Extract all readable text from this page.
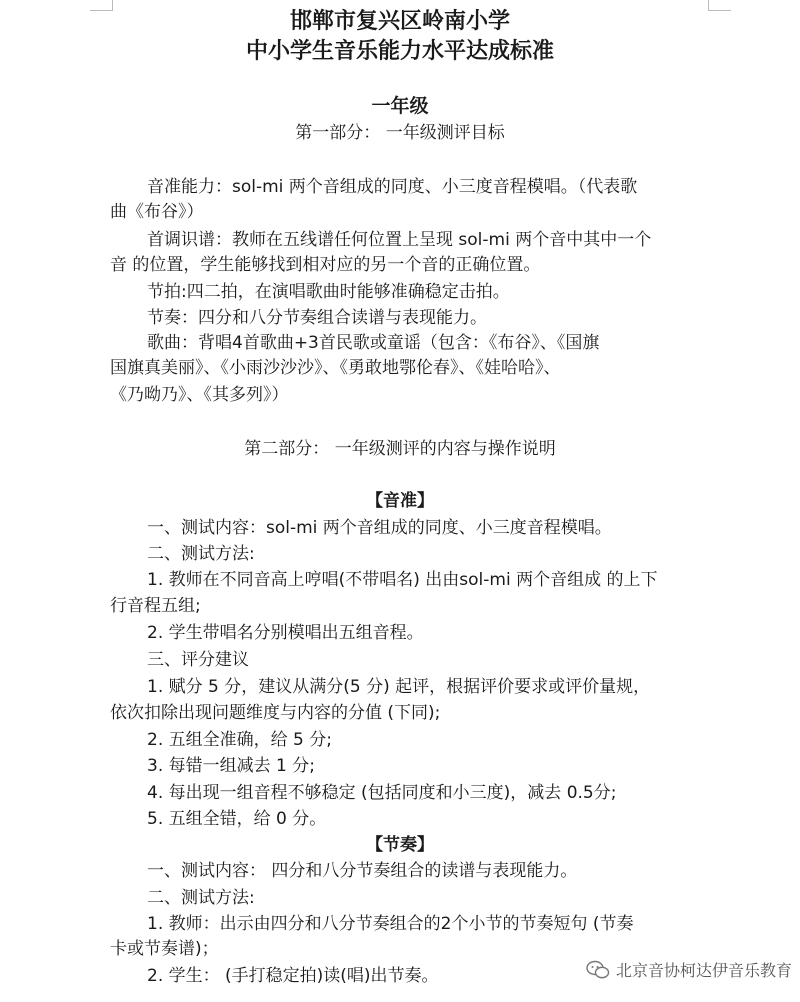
邯郸市复兴区岭南小学
中小学生音乐能力水平达成标准
一年级
第一部分： 一年级测评目标
音准能力：sol-mi 两个音组成的同度、小三度音程模唱。（代表歌
曲《布谷》）
首调识谱：教师在五线谱任何位置上呈现 sol-mi 两个音中其中一个
音 的位置，学生能够找到相对应的另一个音的正确位置。
节拍:四二拍，在演唱歌曲时能够准确稳定击拍。
节奏：四分和八分节奏组合读谱与表现能力。
歌曲：背唱4首歌曲+3首民歌或童谣（包含：《布谷》、《国旗
国旗真美丽》、《小雨沙沙沙》、《勇敢地鄂伦春》、《娃哈哈》、
《乃呦乃》、《其多列》）
第二部分： 一年级测评的内容与操作说明
【音准】
一、测试内容：sol-mi 两个音组成的同度、小三度音程模唱。
二、测试方法:
1. 教师在不同音高上哼唱(不带唱名) 出由sol-mi 两个音组成 的上下
行音程五组;
2. 学生带唱名分别模唱出五组音程。
三、评分建议
1. 赋分 5 分，建议从满分(5 分) 起评，根据评价要求或评价量规，
依次扣除出现问题维度与内容的分值 (下同);
2. 五组全准确，给 5 分;
3. 每错一组减去 1 分;
4. 每出现一组音程不够稳定 (包括同度和小三度)，减去 0.5分;
5. 五组全错，给 0 分。
【节奏】
一、测试内容： 四分和八分节奏组合的读谱与表现能力。
二、测试方法:
1. 教师：出示由四分和八分节奏组合的2个小节的节奏短句 (节奏
卡或节奏谱)；
2. 学生： (手打稳定拍)读(唱)出节奏。	北京音协柯达伊音乐教育
